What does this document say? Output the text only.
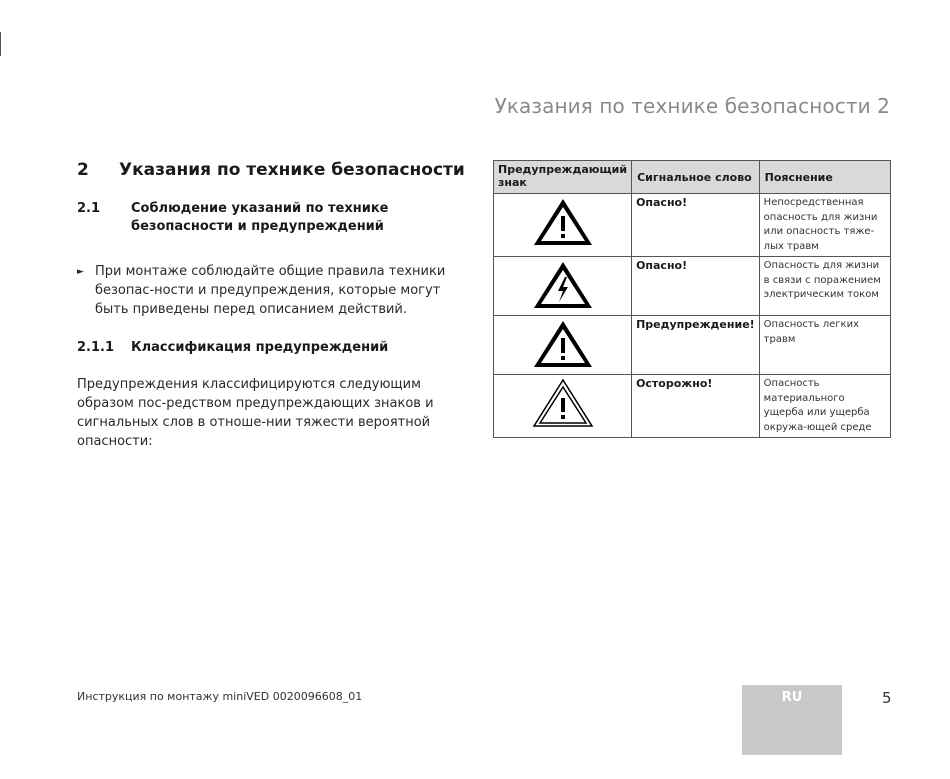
Указания по технике безопасности 2
2	Указания по технике безопасности
2.1	Соблюдение указаний по технике безопасности и предупреждений
► При монтаже соблюдайте общие правила техники безопас-ности и предупреждения, которые могут быть приведены перед описанием действий.
2.1.1	Классификация предупреждений
Предупреждения классифицируются следующим образом пос-редством предупреждающих знаков и сигнальных слов в отноше-нии тяжести вероятной опасности:
Предупреждающий знак	Сигнальное слово	Пояснение
	Опасно!	Непосредственная опасность для жизни или опасность тяже-лых травм
	Опасно!	Опасность для жизни в связи с поражением электрическим током
	Предупреждение!	Опасность легких травм
	Осторожно!	Опасность материального ущерба или ущерба окружа-ющей среде
Инструкция по монтажу miniVED 0020096608_01	RU	5
